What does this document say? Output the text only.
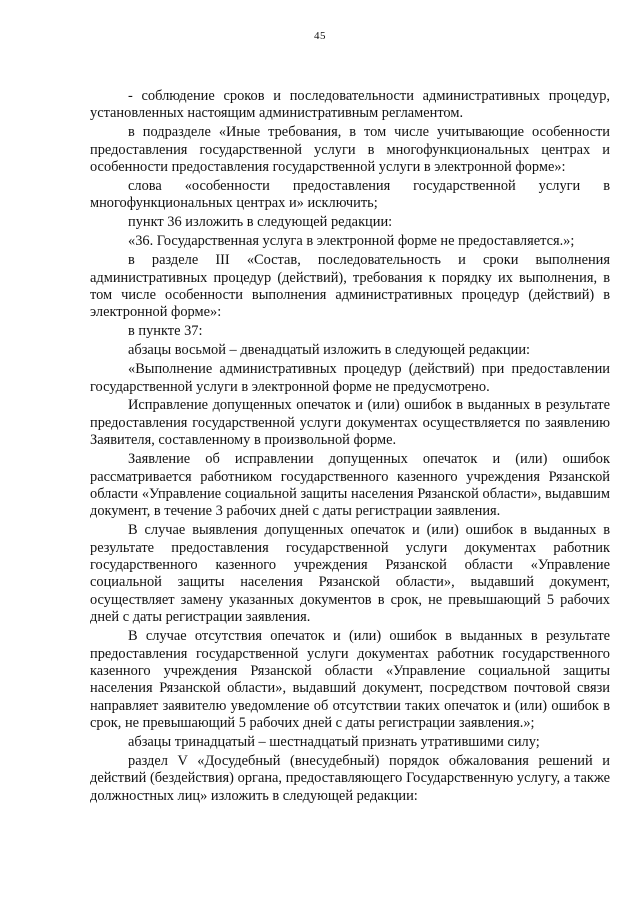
45

- соблюдение сроков и последовательности административных процедур, установленных настоящим административным регламентом.

в подразделе «Иные требования, в том числе учитывающие особенности предоставления государственной услуги в многофункциональных центрах и особенности предоставления государственной услуги в электронной форме»:

слова «особенности предоставления государственной услуги в многофункциональных центрах и» исключить;

пункт 36 изложить в следующей редакции:

«36. Государственная услуга в электронной форме не предоставляется.»;

в разделе III «Состав, последовательность и сроки выполнения административных процедур (действий), требования к порядку их выполнения, в том числе особенности выполнения административных процедур (действий) в электронной форме»:

в пункте 37:

абзацы восьмой – двенадцатый изложить в следующей редакции:

«Выполнение административных процедур (действий) при предоставлении государственной услуги в электронной форме не предусмотрено.

Исправление допущенных опечаток и (или) ошибок в выданных в результате предоставления государственной услуги документах осуществляется по заявлению Заявителя, составленному в произвольной форме.

Заявление об исправлении допущенных опечаток и (или) ошибок рассматривается работником государственного казенного учреждения Рязанской области «Управление социальной защиты населения Рязанской области», выдавшим документ, в течение 3 рабочих дней с даты регистрации заявления.

В случае выявления допущенных опечаток и (или) ошибок в выданных в результате предоставления государственной услуги документах работник государственного казенного учреждения Рязанской области «Управление социальной защиты населения Рязанской области», выдавший документ, осуществляет замену указанных документов в срок, не превышающий 5 рабочих дней с даты регистрации заявления.

В случае отсутствия опечаток и (или) ошибок в выданных в результате предоставления государственной услуги документах работник государственного казенного учреждения Рязанской области «Управление социальной защиты населения Рязанской области», выдавший документ, посредством почтовой связи направляет заявителю уведомление об отсутствии таких опечаток и (или) ошибок в срок, не превышающий 5 рабочих дней с даты регистрации заявления.»;

абзацы тринадцатый – шестнадцатый признать утратившими силу;

раздел V «Досудебный (внесудебный) порядок обжалования решений и действий (бездействия) органа, предоставляющего Государственную услугу, а также должностных лиц» изложить в следующей редакции:
